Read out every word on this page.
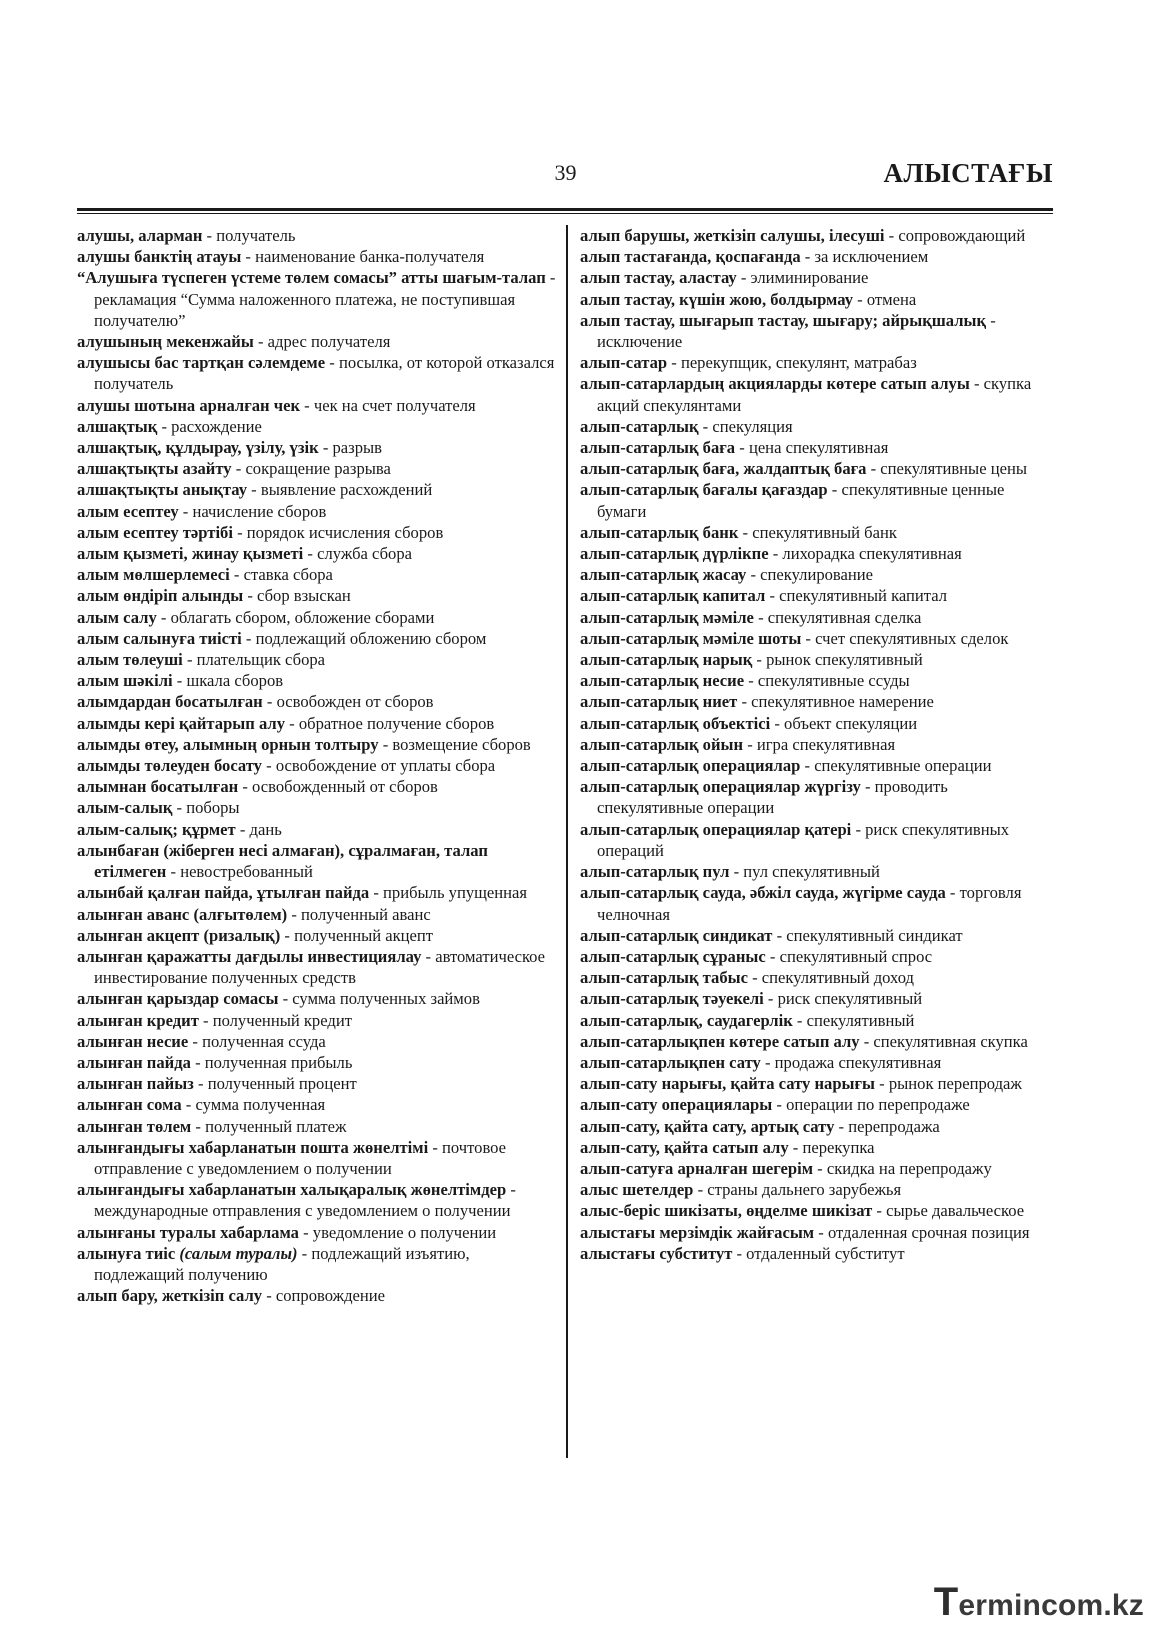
39	АЛЫСТАҒЫ
алушы, аларман - получатель
алушы банктің атауы - наименование банка-получателя
“Алушыға түспеген үстеме төлем сомасы” атты шағым-талап - рекламация “Сумма наложенного платежа, не поступившая получателю”
алушының мекенжайы - адрес получателя
алушысы бас тартқан сәлемдеме - посылка, от которой отказался получатель
алушы шотына арналған чек - чек на счет получателя
алшақтық - расхождение
алшақтық, құлдырау, үзілу, үзік - разрыв
алшақтықты азайту - сокращение разрыва
алшақтықты анықтау - выявление расхождений
алым есептеу - начисление сборов
алым есептеу тәртібі - порядок исчисления сборов
алым қызметі, жинау қызметі - служба сбора
алым мөлшерлемесі - ставка сбора
алым өндіріп алынды - сбор взыскан
алым салу - облагать сбором, обложение сборами
алым салынуға тиісті - подлежащий обложению сбором
алым төлеуші - плательщик сбора
алым шәкілі - шкала сборов
алымдардан босатылған - освобожден от сборов
алымды кері қайтарып алу - обратное получение сборов
алымды өтеу, алымның орнын толтыру - возмещение сборов
алымды төлеуден босату - освобождение от уплаты сбора
алымнан босатылған - освобожденный от сборов
алым-салық - поборы
алым-салық; құрмет - дань
алынбаған (жіберген несі алмаған), сұралмаған, талап етілмеген - невостребованный
алынбай қалған пайда, ұтылған пайда - прибыль упущенная
алынған аванс (алғытөлем) - полученный аванс
алынған акцепт (ризалық) - полученный акцепт
алынған қаражатты дағдылы инвестициялау - автоматическое инвестирование полученных средств
алынған қарыздар сомасы - сумма полученных займов
алынған кредит - полученный кредит
алынған несие - полученная ссуда
алынған пайда - полученная прибыль
алынған пайыз - полученный процент
алынған сома - сумма полученная
алынған төлем - полученный платеж
алынғандығы хабарланатын пошта жөнелтімі - почтовое отправление с уведомлением о получении
алынғандығы хабарланатын халықаралық жөнелтімдер - международные отправления с уведомлением о получении
алынғаны туралы хабарлама - уведомление о получении
алынуға тиіс (салым туралы) - подлежащий изъятию, подлежащий получению
алып бару, жеткізіп салу - сопровождение
алып барушы, жеткізіп салушы, ілесуші - сопровождающий
алып тастағанда, қоспағанда - за исключением
алып тастау, аластау - элиминирование
алып тастау, күшін жою, болдырмау - отмена
алып тастау, шығарып тастау, шығару; айрықшалық - исключение
алып-сатар - перекупщик, спекулянт, матрабаз
алып-сатарлардың акцияларды көтере сатып алуы - скупка акций спекулянтами
алып-сатарлық - спекуляция
алып-сатарлық баға - цена спекулятивная
алып-сатарлық баға, жалдаптық баға - спекулятивные цены
алып-сатарлық бағалы қағаздар - спекулятивные ценные бумаги
алып-сатарлық банк - спекулятивный банк
алып-сатарлық дүрлікпе - лихорадка спекулятивная
алып-сатарлық жасау - спекулирование
алып-сатарлық капитал - спекулятивный капитал
алып-сатарлық мәміле - спекулятивная сделка
алып-сатарлық мәміле шоты - счет спекулятивных сделок
алып-сатарлық нарық - рынок спекулятивный
алып-сатарлық несие - спекулятивные ссуды
алып-сатарлық ниет - спекулятивное намерение
алып-сатарлық объектісі - объект спекуляции
алып-сатарлық ойын - игра спекулятивная
алып-сатарлық операциялар - спекулятивные операции
алып-сатарлық операциялар жүргізу - проводить спекулятивные операции
алып-сатарлық операциялар қатері - риск спекулятивных операций
алып-сатарлық пул - пул спекулятивный
алып-сатарлық сауда, әбжіл сауда, жүгірме сауда - торговля челночная
алып-сатарлық синдикат - спекулятивный синдикат
алып-сатарлық сұраныс - спекулятивный спрос
алып-сатарлық табыс - спекулятивный доход
алып-сатарлық тәуекелі - риск спекулятивный
алып-сатарлық, саудагерлік - спекулятивный
алып-сатарлықпен көтере сатып алу - спекулятивная скупка
алып-сатарлықпен сату - продажа спекулятивная
алып-сату нарығы, қайта сату нарығы - рынок перепродаж
алып-сату операциялары - операции по перепродаже
алып-сату, қайта сату, артық сату - перепродажа
алып-сату, қайта сатып алу - перекупка
алып-сатуға арналған шегерім - скидка на перепродажу
алыс шетелдер - страны дальнего зарубежья
алыс-беріс шикізаты, өңделме шикізат - сырье давальческое
алыстағы мерзімдік жайғасым - отдаленная срочная позиция
алыстағы субститут - отдаленный субститут
Termincom.kz
